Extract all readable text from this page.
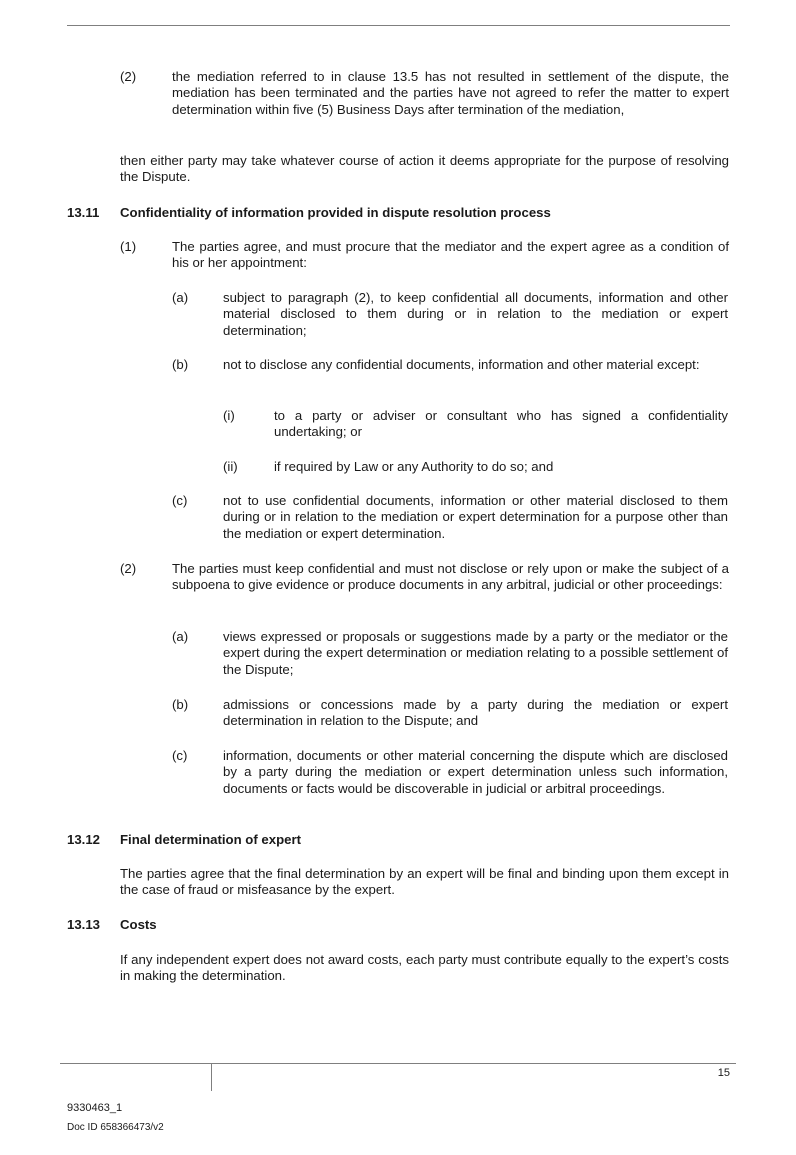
(2)	the mediation referred to in clause 13.5 has not resulted in settlement of the dispute, the mediation has been terminated and the parties have not agreed to refer the matter to expert determination within five (5) Business Days after termination of the mediation,
then either party may take whatever course of action it deems appropriate for the purpose of resolving the Dispute.
13.11 Confidentiality of information provided in dispute resolution process
(1)	The parties agree, and must procure that the mediator and the expert agree as a condition of his or her appointment:
(a)	subject to paragraph (2), to keep confidential all documents, information and other material disclosed to them during or in relation to the mediation or expert determination;
(b)	not to disclose any confidential documents, information and other material except:
(i)	to a party or adviser or consultant who has signed a confidentiality undertaking; or
(ii)	if required by Law or any Authority to do so; and
(c)	not to use confidential documents, information or other material disclosed to them during or in relation to the mediation or expert determination for a purpose other than the mediation or expert determination.
(2)	The parties must keep confidential and must not disclose or rely upon or make the subject of a subpoena to give evidence or produce documents in any arbitral, judicial or other proceedings:
(a)	views expressed or proposals or suggestions made by a party or the mediator or the expert during the expert determination or mediation relating to a possible settlement of the Dispute;
(b)	admissions or concessions made by a party during the mediation or expert determination in relation to the Dispute; and
(c)	information, documents or other material concerning the dispute which are disclosed by a party during the mediation or expert determination unless such information, documents or facts would be discoverable in judicial or arbitral proceedings.
13.12 Final determination of expert
The parties agree that the final determination by an expert will be final and binding upon them except in the case of fraud or misfeasance by the expert.
13.13 Costs
If any independent expert does not award costs, each party must contribute equally to the expert’s costs in making the determination.
15
9330463_1
Doc ID 658366473/v2
